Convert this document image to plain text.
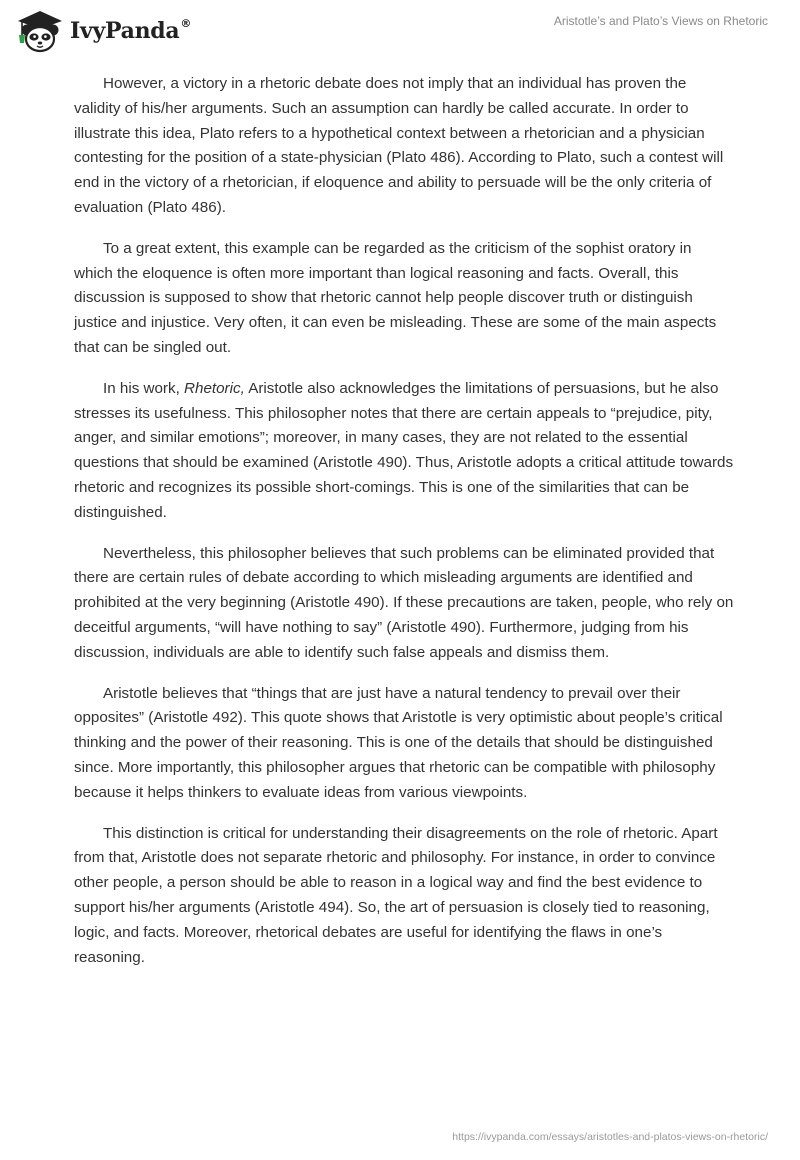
IvyPanda®	Aristotle’s and Plato’s Views on Rhetoric

However, a victory in a rhetoric debate does not imply that an individual has proven the validity of his/her arguments. Such an assumption can hardly be called accurate. In order to illustrate this idea, Plato refers to a hypothetical context between a rhetorician and a physician contesting for the position of a state-physician (Plato 486). According to Plato, such a contest will end in the victory of a rhetorician, if eloquence and ability to persuade will be the only criteria of evaluation (Plato 486).

To a great extent, this example can be regarded as the criticism of the sophist oratory in which the eloquence is often more important than logical reasoning and facts. Overall, this discussion is supposed to show that rhetoric cannot help people discover truth or distinguish justice and injustice. Very often, it can even be misleading. These are some of the main aspects that can be singled out.

In his work, Rhetoric, Aristotle also acknowledges the limitations of persuasions, but he also stresses its usefulness. This philosopher notes that there are certain appeals to “prejudice, pity, anger, and similar emotions”; moreover, in many cases, they are not related to the essential questions that should be examined (Aristotle 490). Thus, Aristotle adopts a critical attitude towards rhetoric and recognizes its possible short-comings. This is one of the similarities that can be distinguished.

Nevertheless, this philosopher believes that such problems can be eliminated provided that there are certain rules of debate according to which misleading arguments are identified and prohibited at the very beginning (Aristotle 490). If these precautions are taken, people, who rely on deceitful arguments, “will have nothing to say” (Aristotle 490). Furthermore, judging from his discussion, individuals are able to identify such false appeals and dismiss them.

Aristotle believes that “things that are just have a natural tendency to prevail over their opposites” (Aristotle 492). This quote shows that Aristotle is very optimistic about people’s critical thinking and the power of their reasoning. This is one of the details that should be distinguished since. More importantly, this philosopher argues that rhetoric can be compatible with philosophy because it helps thinkers to evaluate ideas from various viewpoints.

This distinction is critical for understanding their disagreements on the role of rhetoric. Apart from that, Aristotle does not separate rhetoric and philosophy. For instance, in order to convince other people, a person should be able to reason in a logical way and find the best evidence to support his/her arguments (Aristotle 494). So, the art of persuasion is closely tied to reasoning, logic, and facts. Moreover, rhetorical debates are useful for identifying the flaws in one’s reasoning.

https://ivypanda.com/essays/aristotles-and-platos-views-on-rhetoric/
